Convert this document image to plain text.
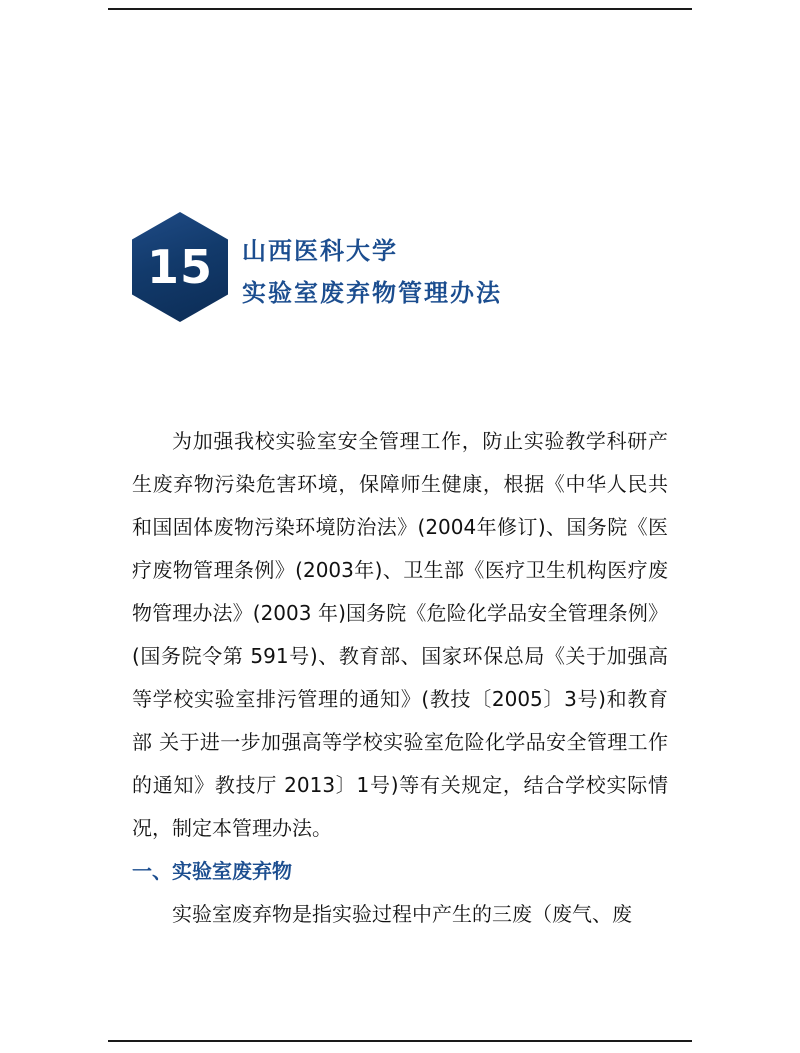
15	山西医科大学
实验室废弃物管理办法

为加强我校实验室安全管理工作，防止实验教学科研产生废弃物污染危害环境，保障师生健康，根据《中华人民共和国固体废物污染环境防治法》(2004年修订)、国务院《医疗废物管理条例》(2003年)、卫生部《医疗卫生机构医疗废物管理办法》(2003 年)国务院《危险化学品安全管理条例》(国务院令第 591号)、教育部、国家环保总局《关于加强高等学校实验室排污管理的通知》(教技〔2005〕3号)和教育部 关于进一步加强高等学校实验室危险化学品安全管理工作的通知》教技厅 2013〕1号)等有关规定，结合学校实际情况，制定本管理办法。

一、实验室废弃物

实验室废弃物是指实验过程中产生的三废（废气、废
